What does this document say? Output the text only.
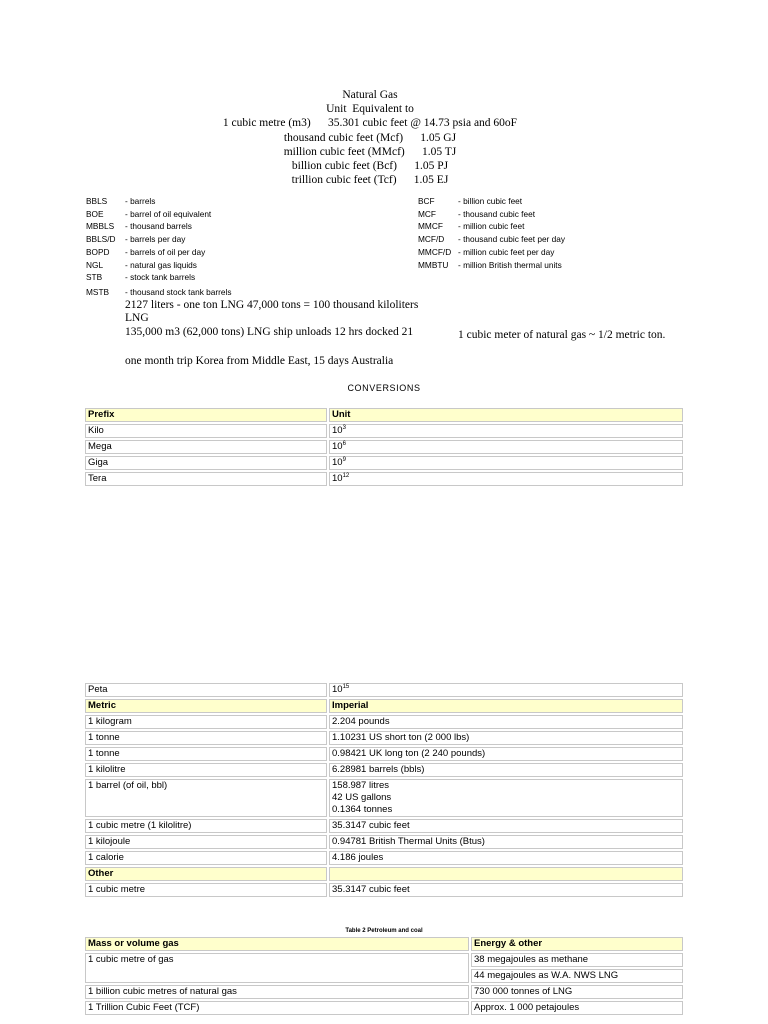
Natural Gas
Unit  Equivalent to
1 cubic metre (m3)      35.301 cubic feet @ 14.73 psia and 60oF
thousand cubic feet (Mcf)      1.05 GJ
million cubic feet (MMcf)      1.05 TJ
billion cubic feet (Bcf)      1.05 PJ
trillion cubic feet (Tcf)      1.05 EJ
BBLS	- barrels
BOE	- barrel of oil equivalent
MBBLS	- thousand barrels
BBLS/D	- barrels per day
BOPD	- barrels of oil per day
NGL	- natural gas liquids
STB	- stock tank barrels
BCF	- billion cubic feet
MCF	- thousand cubic feet
MMCF	- million cubic feet
MCF/D	- thousand cubic feet per day
MMCF/D - million cubic feet per day
MMBTU	- million British thermal units
MSTB - thousand stock tank barrels
2127 liters - one ton LNG 47,000 tons = 100 thousand kiloliters LNG
135,000 m3 (62,000 tons) LNG ship unloads 12 hrs docked 21
one month trip Korea from Middle East, 15 days Australia
1 cubic meter of natural gas ~ 1/2 metric ton.
CONVERSIONS
Prefix	Unit
Kilo	$10^3$
Mega	$10^6$
Giga	$10^9$
Tera	$10^{12}$
Peta	$10^{15}$
Metric	Imperial
1 kilogram	2.204 pounds
1 tonne	1.10231 US short ton (2 000 lbs)
1 tonne	0.98421 UK long ton (2 240 pounds)
1 kilolitre	6.28981 barrels (bbls)
1 barrel (of oil, bbl)	158.987 litres
42 US gallons
0.1364 tonnes

1 cubic metre (1 kilolitre)	35.3147 cubic feet
1 kilojoule	0.94781 British Thermal Units (Btus)
1 calorie	4.186 joules
Other	
1 cubic metre	35.3147 cubic feet
Table 2 Petroleum and coal
Mass or volume gas	Energy & other
1 cubic metre of gas	38 megajoules as methane
	44 megajoules as W.A. NWS LNG
1 billion cubic metres of natural gas	730 000 tonnes of LNG
1 Trillion Cubic Feet (TCF)	Approx. 1 000 petajoules
